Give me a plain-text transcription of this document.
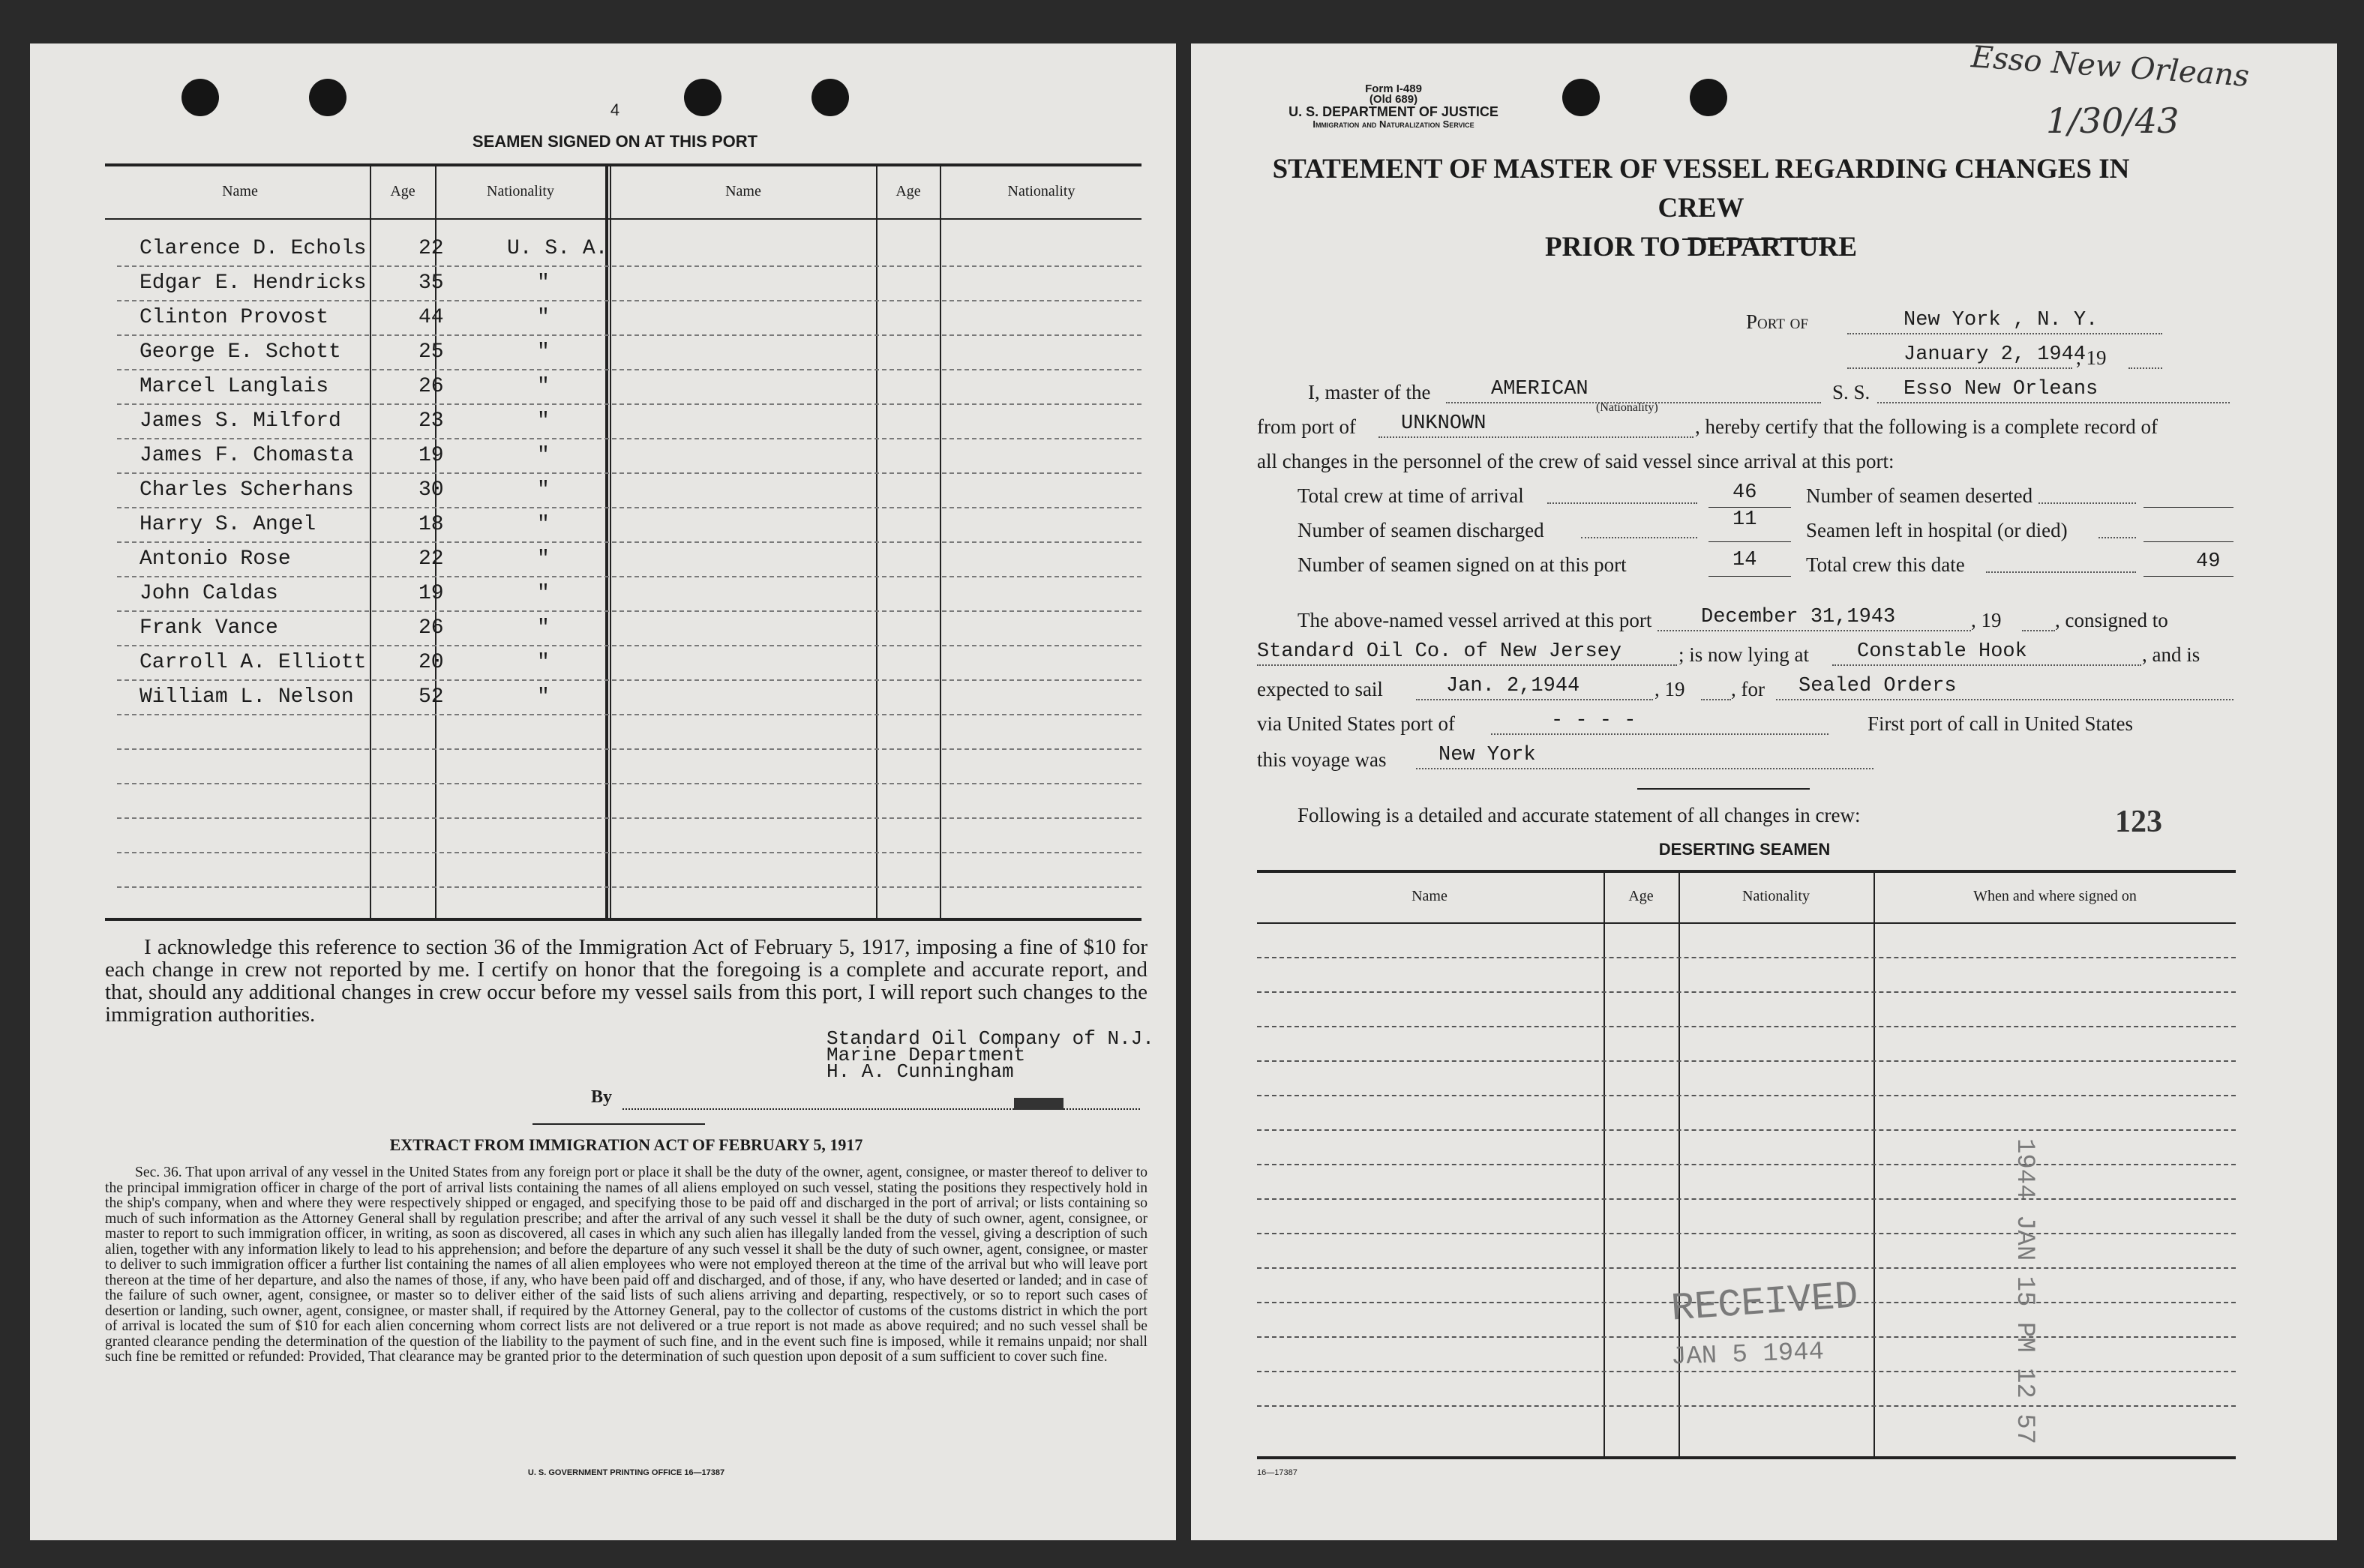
4
SEAMEN SIGNED ON AT THIS PORT
Name	Age	Nationality	Name	Age	Nationality
Clarence D. Echols 22	U. S. A.
Edgar E. Hendricks 35	"
Clinton Provost	44	"
George E. Schott	25	"
Marcel Langlais	26	"
James S. Milford	23	"
James F. Chomasta	19	"
Charles Scherhans	30	"
Harry S. Angel	18	"
Antonio Rose	22	"
John Caldas	19	"
Frank Vance	26	"
Carroll A. Elliott 20	"
William L. Nelson	52	"
I acknowledge this reference to section 36 of the Immigration Act of February 5, 1917, imposing a fine of $10 for each change in crew not reported by me. I certify on honor that the foregoing is a complete and accurate report, and that, should any additional changes in crew occur before my vessel sails from this port, I will report such changes to the immigration authorities.
Standard Oil Company of N.J.
Marine Department
H. A. Cunningham
By
EXTRACT FROM IMMIGRATION ACT OF FEBRUARY 5, 1917
Sec. 36. That upon arrival of any vessel in the United States from any foreign port or place it shall be the duty of the owner, agent, consignee, or master thereof to deliver to the principal immigration officer in charge of the port of arrival lists containing the names of all aliens employed on such vessel, stating the positions they respectively hold in the ship's company, when and where they were respectively shipped or engaged, and specifying those to be paid off and discharged in the port of arrival; or lists containing so much of such information as the Attorney General shall by regulation prescribe; and after the arrival of any such vessel it shall be the duty of such owner, agent, consignee, or master to report to such immigration officer, in writing, as soon as discovered, all cases in which any such alien has illegally landed from the vessel, giving a description of such alien, together with any information likely to lead to his apprehension; and before the departure of any such vessel it shall be the duty of such owner, agent, consignee, or master to deliver to such immigration officer a further list containing the names of all alien employees who were not employed thereon at the time of the arrival but who will leave port thereon at the time of her departure, and also the names of those, if any, who have been paid off and discharged, and of those, if any, who have deserted or landed; and in case of the failure of such owner, agent, consignee, or master so to deliver either of the said lists of such aliens arriving and departing, respectively, or so to report such cases of desertion or landing, such owner, agent, consignee, or master shall, if required by the Attorney General, pay to the collector of customs of the customs district in which the port of arrival is located the sum of $10 for each alien concerning whom correct lists are not delivered or a true report is not made as above required; and no such vessel shall be granted clearance pending the determination of the question of the liability to the payment of such fine, and in the event such fine is imposed, while it remains unpaid; nor shall such fine be remitted or refunded: Provided, That clearance may be granted prior to the determination of such question upon deposit of a sum sufficient to cover such fine.
U. S. GOVERNMENT PRINTING OFFICE 16—17387
Form I-489
(Old 689)
U. S. DEPARTMENT OF JUSTICE
Immigration and Naturalization Service
Esso New Orleans
1/30/43
STATEMENT OF MASTER OF VESSEL REGARDING CHANGES IN CREW
PRIOR TO DEPARTURE
Port of	New York , N. Y.
January 2, 1944
, 19
I, master of the	AMERICAN
(Nationality)
S. S. Esso New Orleans
from port of UNKNOWN	, hereby certify that the following is a complete record of
all changes in the personnel of the crew of said vessel since arrival at this port:
Total crew at time of arrival	46
Number of seamen discharged	11
Number of seamen signed on at this port	14
Number of seamen deserted
Seamen left in hospital (or died)
Total crew this date	49
The above-named vessel arrived at this port December 31,1943	, 19	, consigned to
Standard Oil Co. of New Jersey	; is now lying at Constable Hook	, and is
expected to sail	Jan. 2,1944	, 19 , for Sealed Orders
via United States port of	- - - -	First port of call in United States
this voyage was	New York
Following is a detailed and accurate statement of all changes in crew:	123
DESERTING SEAMEN
Name	Age	Nationality	When and where signed on
RECEIVED
JAN 5 1944	1944 JAN 15 PM 12 57
16—17387
